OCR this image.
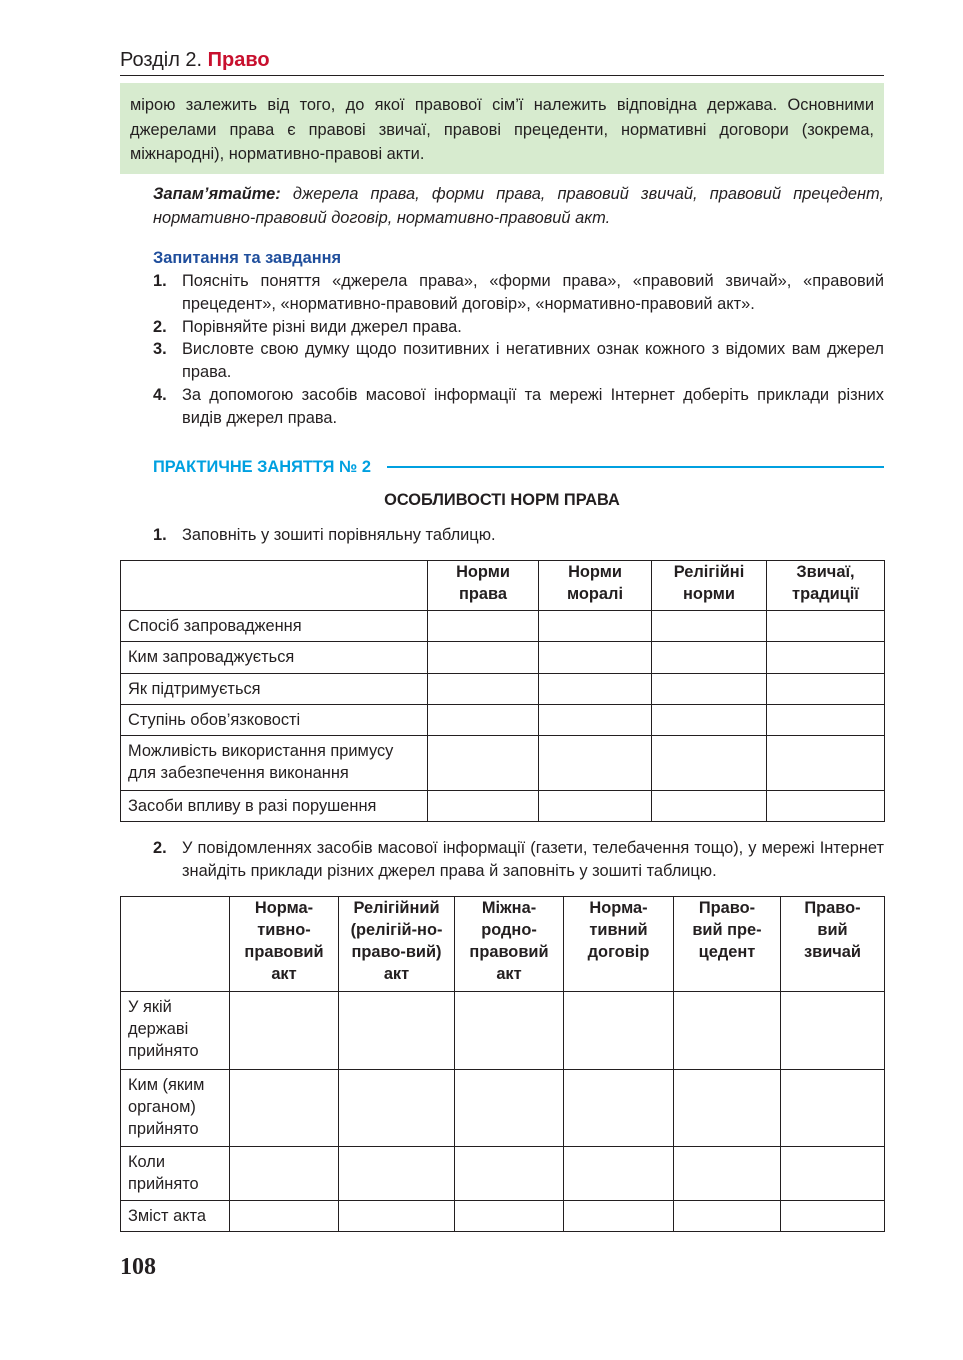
Розділ 2. Право
мірою залежить від того, до якої правової сім’ї належить відповідна держава. Основними джерелами права є правові звичаї, правові прецеденти, нормативні договори (зокрема, міжнародні), нормативно-правові акти.
Запам’ятайте: джерела права, форми права, правовий звичай, правовий прецедент, нормативно-правовий договір, нормативно-правовий акт.
Запитання та завдання
1. Поясніть поняття «джерела права», «форми права», «правовий звичай», «правовий прецедент», «нормативно-правовий договір», «нормативно-правовий акт».
2. Порівняйте різні види джерел права.
3. Висловте свою думку щодо позитивних і негативних ознак кожного з відомих вам джерел права.
4. За допомогою засобів масової інформації та мережі Інтернет доберіть приклади різних видів джерел права.
ПРАКТИЧНЕ ЗАНЯТТЯ № 2
ОСОБЛИВОСТІ НОРМ ПРАВА
1. Заповніть у зошиті порівняльну таблицю.
	Норми права	Норми моралі	Релігійні норми	Звичаї, традиції
Спосіб запровадження				
Ким запроваджується				
Як підтримується				
Ступінь обов’язковості				
Можливість використання примусу для забезпечення виконання				
Засоби впливу в разі порушення				
2. У повідомленнях засобів масової інформації (газети, телебачення тощо), у мережі Інтернет знайдіть приклади різних джерел права й заповніть у зошиті таблицю.
	Норма-тивно-правовий акт	Релігійний (релігій-но-право-вий) акт	Міжна-родно-правовий акт	Норма-тивний договір	Право-вий пре-цедент	Право-вий звичай
У якій державі прийнято						
Ким (яким органом) прийнято						
Коли прийнято						
Зміст акта						
108
